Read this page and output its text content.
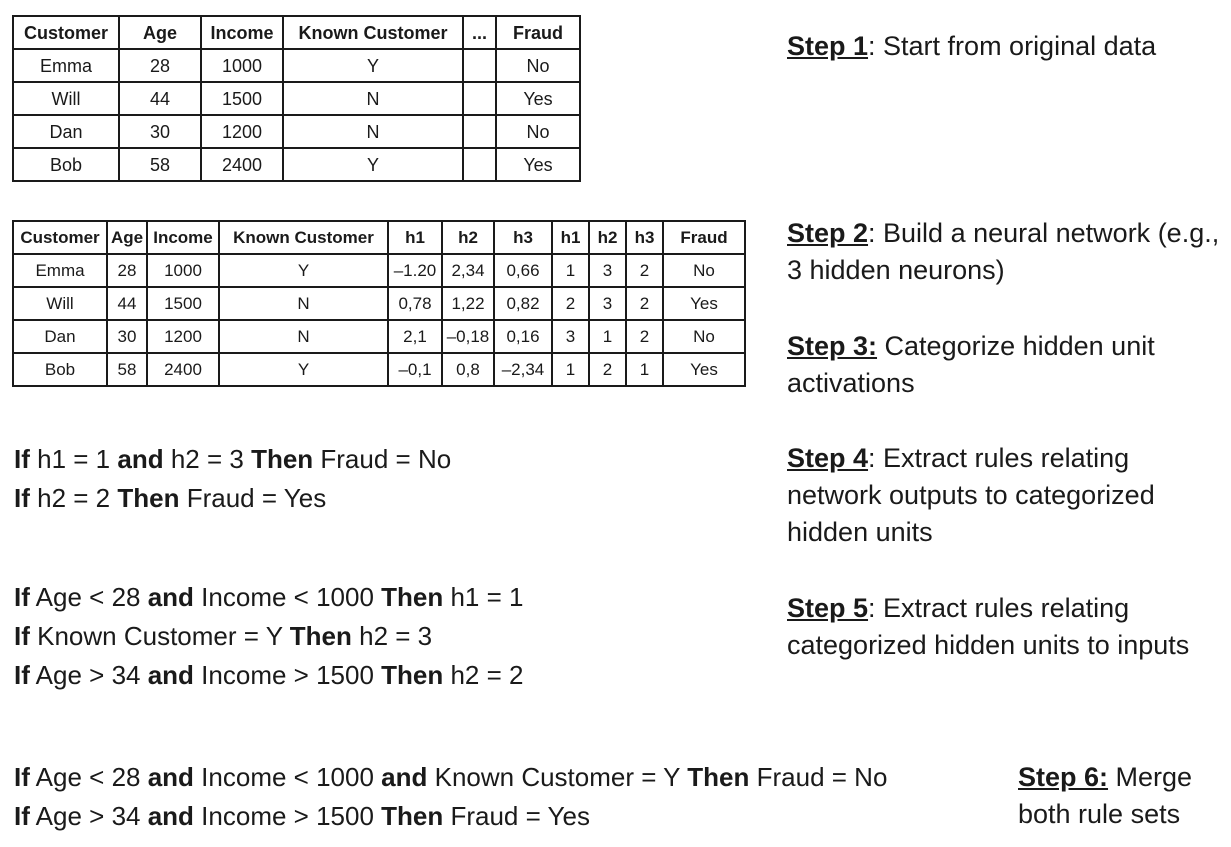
Customer	Age	Income	Known Customer	...	Fraud
Emma	28	1000	Y		No
Will	44	1500	N		Yes
Dan	30	1200	N		No
Bob	58	2400	Y		Yes
Customer	Age	Income	Known Customer	h1	h2	h3	h1	h2	h3	Fraud
Emma	28	1000	Y	–1.20	2,34	0,66	1	3	2	No
Will	44	1500	N	0,78	1,22	0,82	2	3	2	Yes
Dan	30	1200	N	2,1	–0,18	0,16	3	1	2	No
Bob	58	2400	Y	–0,1	0,8	–2,34	1	2	1	Yes
If h1 = 1 and h2 = 3 Then Fraud = No
If h2 = 2 Then Fraud = Yes
If Age < 28 and Income < 1000 Then h1 = 1
If Known Customer = Y Then h2 = 3
If Age > 34 and Income > 1500 Then h2 = 2
If Age < 28 and Income < 1000 and Known Customer = Y Then Fraud = No
If Age > 34 and Income > 1500 Then Fraud = Yes
Step 1: Start from original data
Step 2: Build a neural network (e.g., 3 hidden neurons)
Step 3: Categorize hidden unit activations
Step 4: Extract rules relating network outputs to categorized hidden units
Step 5: Extract rules relating categorized hidden units to inputs
Step 6: Merge both rule sets
